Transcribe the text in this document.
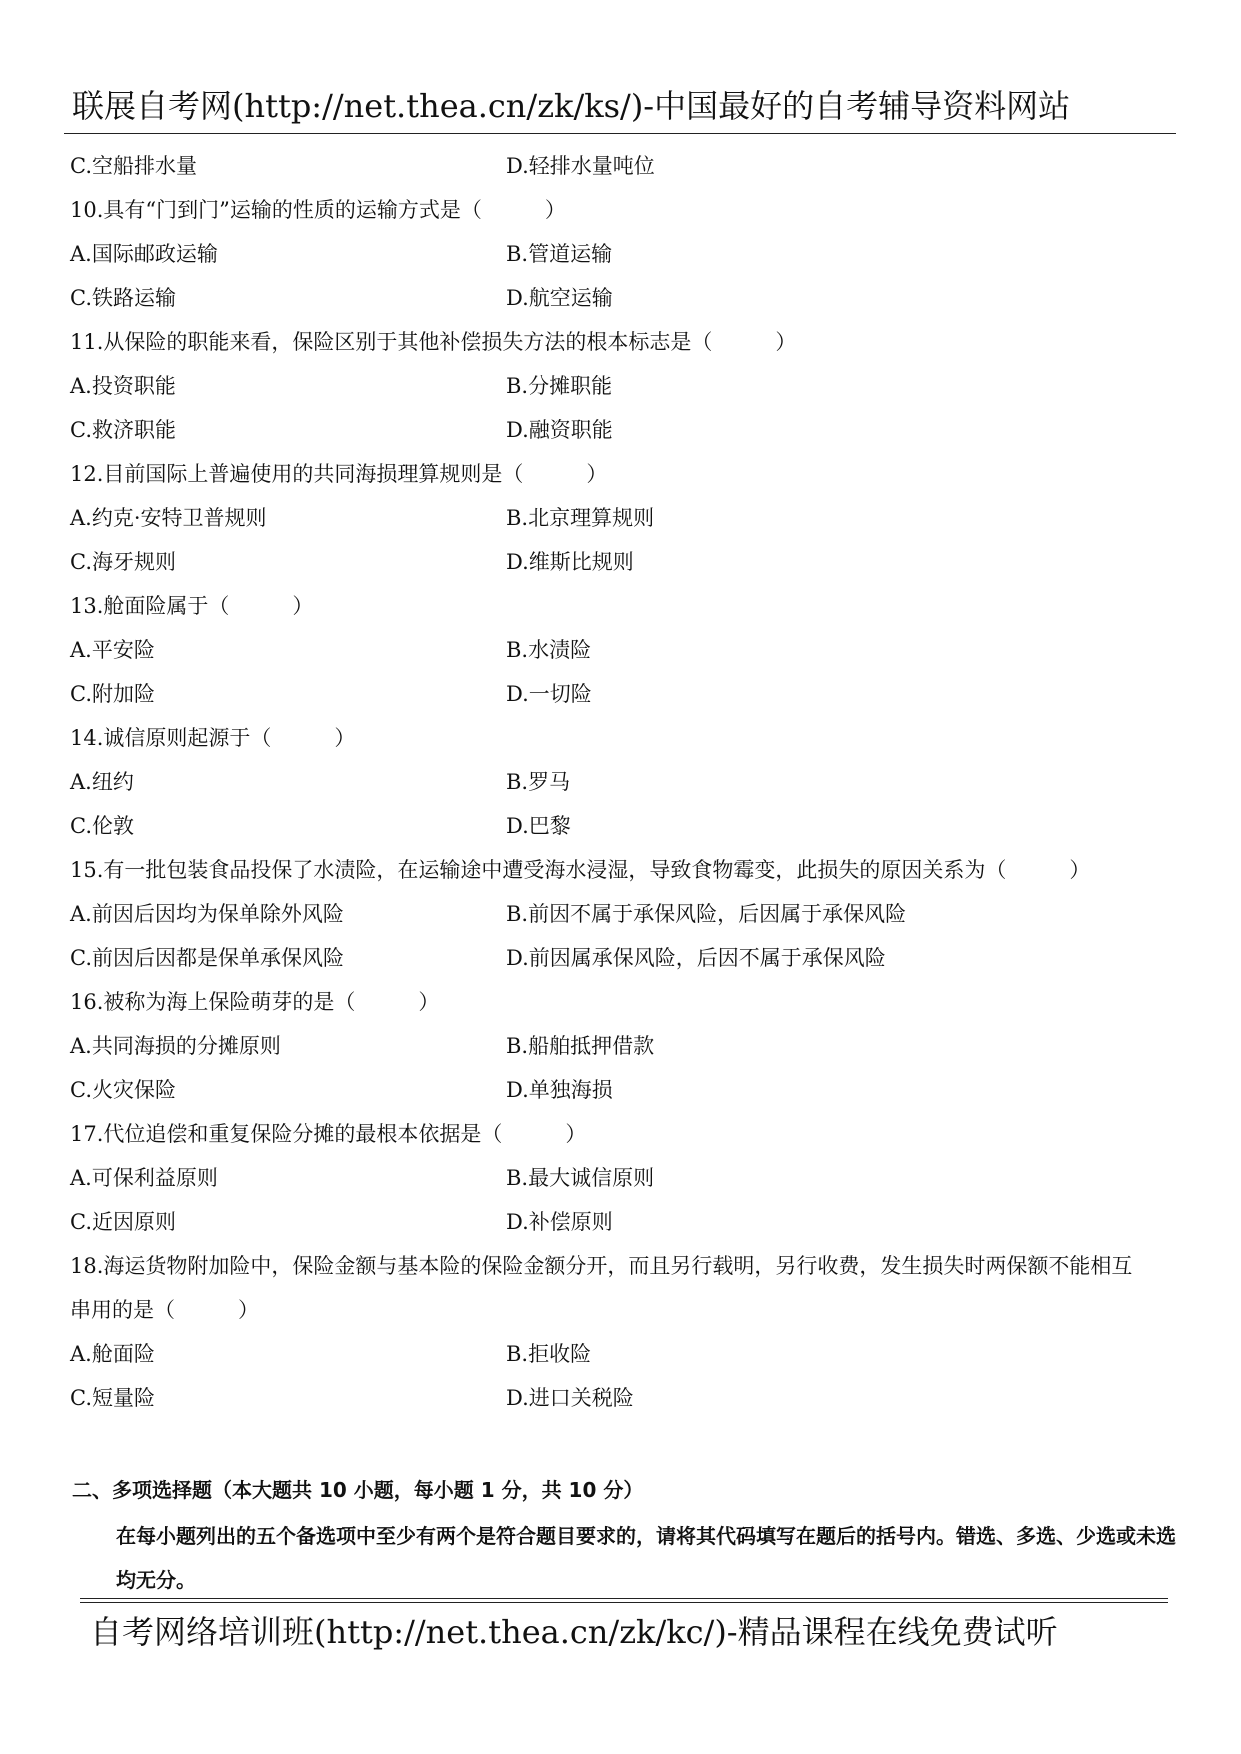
联展自考网(http://net.thea.cn/zk/ks/)-中国最好的自考辅导资料网站
C.空船排水量	D.轻排水量吨位
10.具有“门到门”运输的性质的运输方式是（　　　）
A.国际邮政运输	B.管道运输
C.铁路运输	D.航空运输
11.从保险的职能来看，保险区别于其他补偿损失方法的根本标志是（　　　）
A.投资职能	B.分摊职能
C.救济职能	D.融资职能
12.目前国际上普遍使用的共同海损理算规则是（　　　）
A.约克·安特卫普规则	B.北京理算规则
C.海牙规则	D.维斯比规则
13.舱面险属于（　　　）
A.平安险	B.水渍险
C.附加险	D.一切险
14.诚信原则起源于（　　　）
A.纽约	B.罗马
C.伦敦	D.巴黎
15.有一批包装食品投保了水渍险，在运输途中遭受海水浸湿，导致食物霉变，此损失的原因关系为（　　　）
A.前因后因均为保单除外风险	B.前因不属于承保风险，后因属于承保风险
C.前因后因都是保单承保风险	D.前因属承保风险，后因不属于承保风险
16.被称为海上保险萌芽的是（　　　）
A.共同海损的分摊原则	B.船舶抵押借款
C.火灾保险	D.单独海损
17.代位追偿和重复保险分摊的最根本依据是（　　　）
A.可保利益原则	B.最大诚信原则
C.近因原则	D.补偿原则
18.海运货物附加险中，保险金额与基本险的保险金额分开，而且另行载明，另行收费，发生损失时两保额不能相互
串用的是（　　　）
A.舱面险	B.拒收险
C.短量险	D.进口关税险
二、多项选择题（本大题共 10 小题，每小题 1 分，共 10 分）
在每小题列出的五个备选项中至少有两个是符合题目要求的，请将其代码填写在题后的括号内。错选、多选、少选或未选均无分。
自考网络培训班(http://net.thea.cn/zk/kc/)-精品课程在线免费试听
